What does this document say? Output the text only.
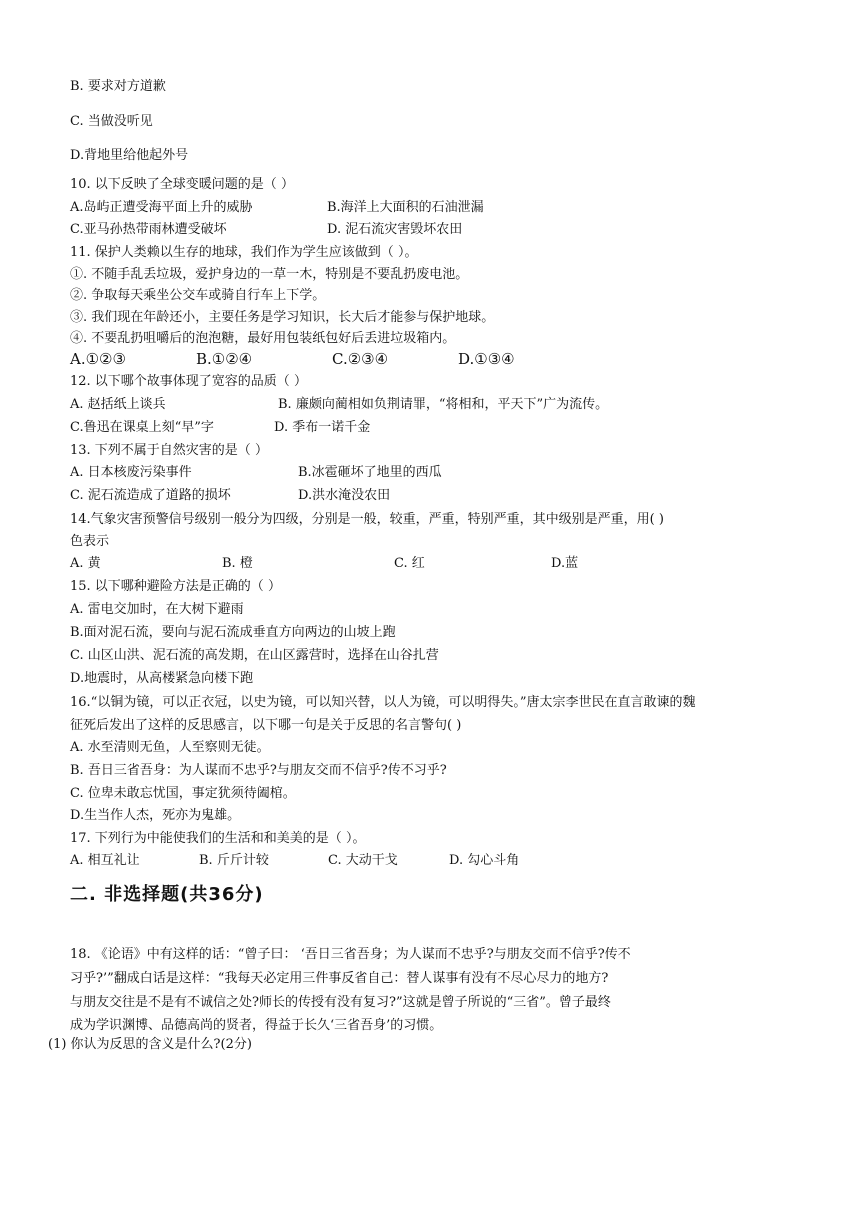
B. 要求对方道歉
C. 当做没听见
D.背地里给他起外号
10. 以下反映了全球变暖问题的是（ ）
A.岛屿正遭受海平面上升的威胁	B.海洋上大面积的石油泄漏
C.亚马孙热带雨林遭受破坏	D. 泥石流灾害毁坏农田
11. 保护人类赖以生存的地球，我们作为学生应该做到（ ）。
①. 不随手乱丢垃圾，爱护身边的一草一木，特别是不要乱扔废电池。
②. 争取每天乘坐公交车或骑自行车上下学。
③. 我们现在年龄还小，主要任务是学习知识，长大后才能参与保护地球。
④. 不要乱扔咀嚼后的泡泡糖，最好用包装纸包好后丢进垃圾箱内。
A.①②③	B.①②④	C.②③④	D.①③④
12. 以下哪个故事体现了宽容的品质（ ）
A. 赵括纸上谈兵	B. 廉颇向蔺相如负荆请罪，“将相和，平天下”广为流传。
C.鲁迅在课桌上刻“早”字	D. 季布一诺千金
13. 下列不属于自然灾害的是（ ）
A. 日本核废污染事件	B.冰雹砸坏了地里的西瓜
C. 泥石流造成了道路的损坏	D.洪水淹没农田
14.气象灾害预警信号级别一般分为四级，分别是一般，较重，严重，特别严重，其中级别是严重，用( )
色表示
A. 黄	B. 橙	C. 红	D.蓝
15. 以下哪种避险方法是正确的（ ）
A. 雷电交加时，在大树下避雨
B.面对泥石流，要向与泥石流成垂直方向两边的山坡上跑
C. 山区山洪、泥石流的高发期，在山区露营时，选择在山谷扎营
D.地震时，从高楼紧急向楼下跑
16.“以铜为镜，可以正衣冠，以史为镜，可以知兴替，以人为镜，可以明得失。”唐太宗李世民在直言敢谏的魏
征死后发出了这样的反思感言，以下哪一句是关于反思的名言警句( )
A. 水至清则无鱼，人至察则无徒。
B. 吾日三省吾身：为人谋而不忠乎?与朋友交而不信乎?传不习乎?
C. 位卑未敢忘忧国，事定犹须待阖棺。
D.生当作人杰，死亦为鬼雄。
17. 下列行为中能使我们的生活和和美美的是（ ）。
A. 相互礼让	B. 斤斤计较	C. 大动干戈	D. 勾心斗角
二. 非选择题(共36分)
18. 《论语》中有这样的话：“曾子曰： ‘吾日三省吾身；为人谋而不忠乎?与朋友交而不信乎?传不
习乎?’”翻成白话是这样：“我每天必定用三件事反省自己：替人谋事有没有不尽心尽力的地方?
与朋友交往是不是有不诚信之处?师长的传授有没有复习?”这就是曾子所说的“三省”。曾子最终
成为学识渊博、品德高尚的贤者，得益于长久‘三省吾身’的习惯。
(1) 你认为反思的含义是什么?(2分)
